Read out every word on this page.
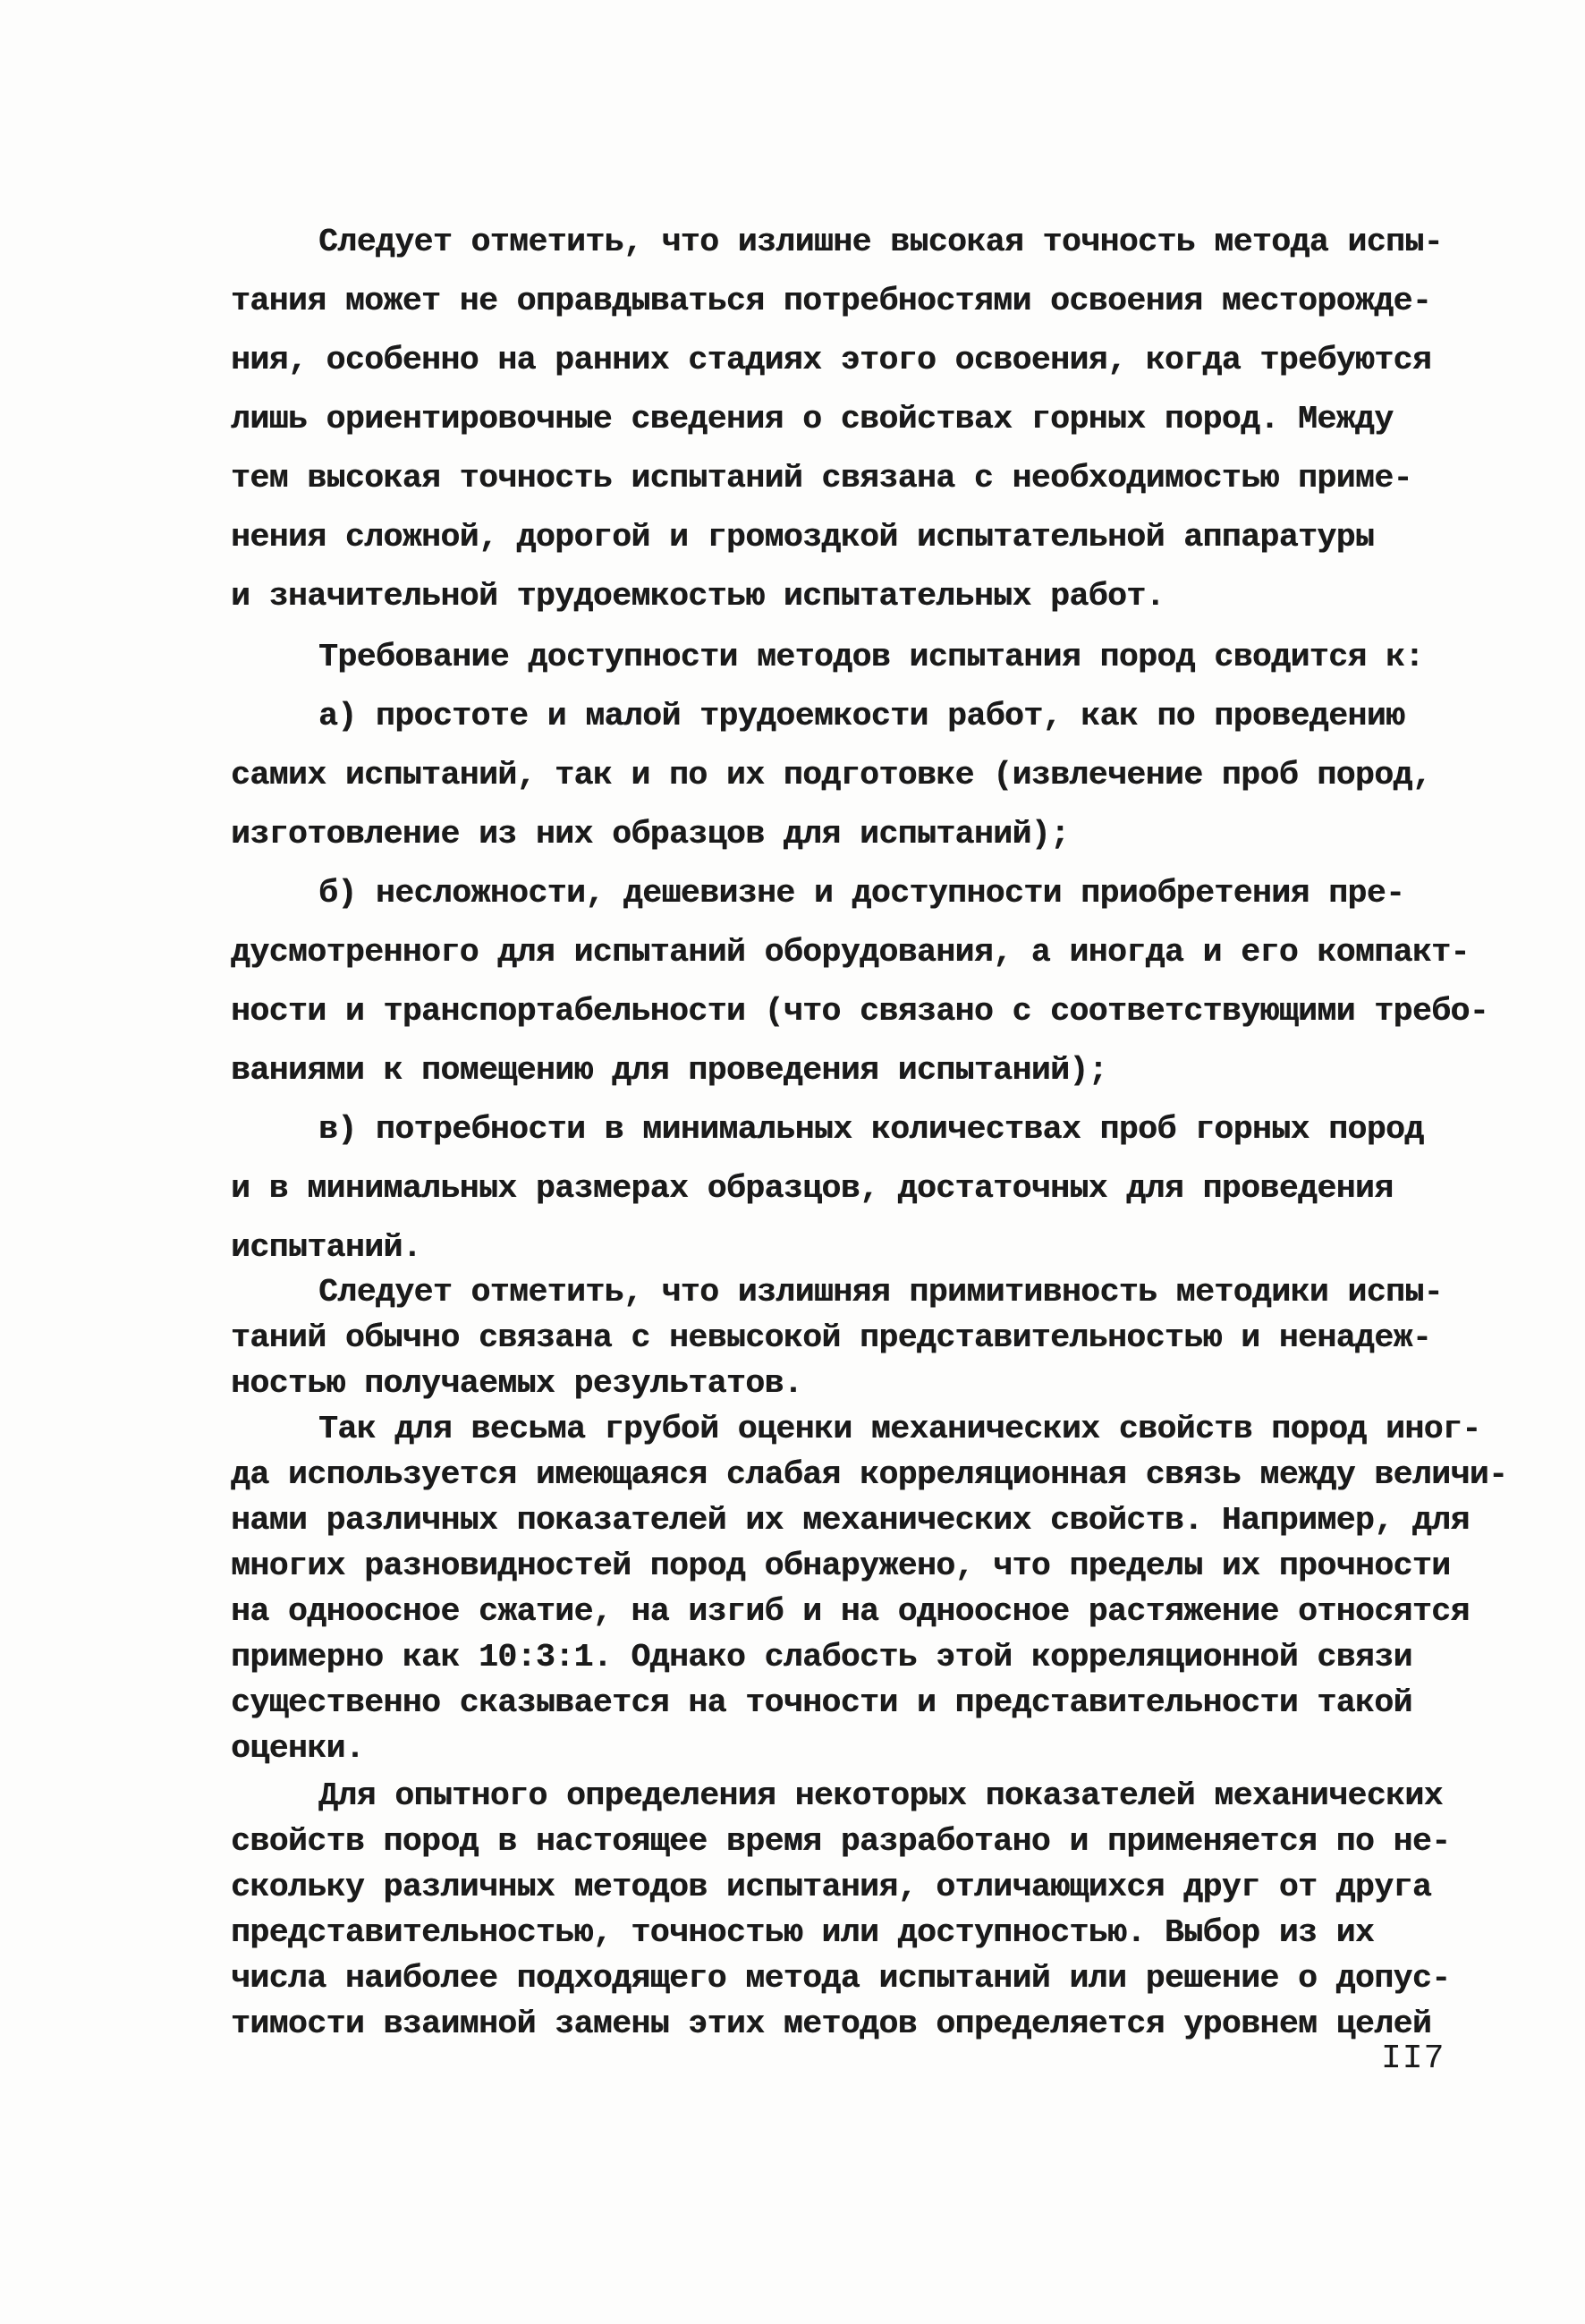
Следует отметить, что излишне высокая точность метода испы-
тания может не оправдываться потребностями освоения месторожде-
ния, особенно на ранних стадиях этого освоения, когда требуются
лишь ориентировочные сведения о свойствах горных пород. Между
тем высокая точность испытаний связана с необходимостью приме-
нения сложной, дорогой и громоздкой испытательной аппаратуры
и значительной трудоемкостью испытательных работ.
Требование доступности методов испытания пород сводится к:
а) простоте и малой трудоемкости работ, как по проведению
самих испытаний, так и по их подготовке (извлечение проб пород,
изготовление из них образцов для испытаний);
б) несложности, дешевизне и доступности приобретения пре-
дусмотренного для испытаний оборудования, а иногда и его компакт-
ности и транспортабельности (что связано с соответствующими требо-
ваниями к помещению для проведения испытаний);
в) потребности в минимальных количествах проб горных пород
и в минимальных размерах образцов, достаточных для проведения
испытаний.
Следует отметить, что излишняя примитивность методики испы-
таний обычно связана с невысокой представительностью и ненадеж-
ностью получаемых результатов.
Так для весьма грубой оценки механических свойств пород иног-
да используется имеющаяся слабая корреляционная связь между величи-
нами различных показателей их механических свойств. Например, для
многих разновидностей пород обнаружено, что пределы их прочности
на одноосное сжатие, на изгиб и на одноосное растяжение относятся
примерно как 10:3:1. Однако слабость этой корреляционной связи
существенно сказывается на точности и представительности такой
оценки.
Для опытного определения некоторых показателей механических
свойств пород в настоящее время разработано и применяется по не-
скольку различных методов испытания, отличающихся друг от друга
представительностью, точностью или доступностью. Выбор из их
числа наиболее подходящего метода испытаний или решение о допус-
тимости взаимной замены этих методов определяется уровнем целей
II7
